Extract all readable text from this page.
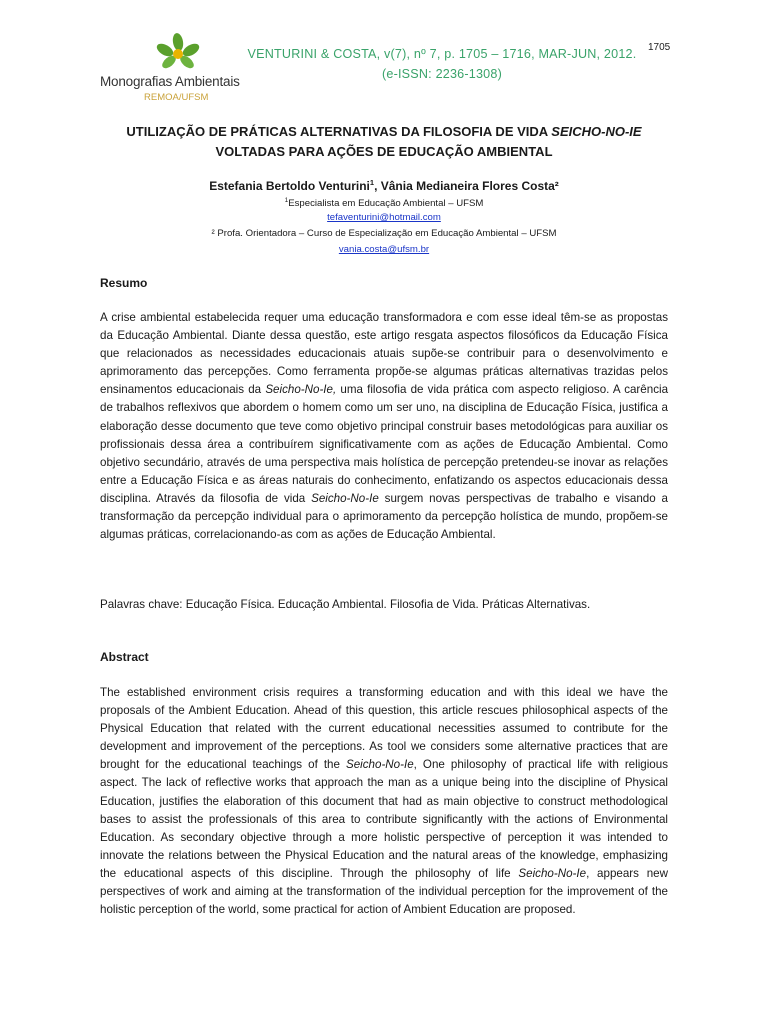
Monografias Ambientais
REMOA/UFSM
VENTURINI & COSTA, v(7), nº 7, p. 1705 – 1716, MAR-JUN, 2012.
(e-ISSN: 2236-1308)
1705
UTILIZAÇÃO DE PRÁTICAS ALTERNATIVAS DA FILOSOFIA DE VIDA SEICHO-NO-IE
VOLTADAS PARA AÇÕES DE EDUCAÇÃO AMBIENTAL
Estefania Bertoldo Venturini$^1$, Vânia Medianeira Flores Costa²
$^1$Especialista em Educação Ambiental – UFSM
tefaventurini@hotmail.com
² Profa. Orientadora – Curso de Especialização em Educação Ambiental – UFSM
vania.costa@ufsm.br
Resumo
A crise ambiental estabelecida requer uma educação transformadora e com esse ideal têm-se as propostas da Educação Ambiental. Diante dessa questão, este artigo resgata aspectos filosóficos da Educação Física que relacionados as necessidades educacionais atuais supõe-se contribuir para o desenvolvimento e aprimoramento das percepções. Como ferramenta propõe-se algumas práticas alternativas trazidas pelos ensinamentos educacionais da Seicho-No-Ie, uma filosofia de vida prática com aspecto religioso. A carência de trabalhos reflexivos que abordem o homem como um ser uno, na disciplina de Educação Física, justifica a elaboração desse documento que teve como objetivo principal construir bases metodológicas para auxiliar os profissionais dessa área a contribuírem significativamente com as ações de Educação Ambiental. Como objetivo secundário, através de uma perspectiva mais holística de percepção pretendeu-se inovar as relações entre a Educação Física e as áreas naturais do conhecimento, enfatizando os aspectos educacionais dessa disciplina. Através da filosofia de vida Seicho-No-Ie surgem novas perspectivas de trabalho e visando a transformação da percepção individual para o aprimoramento da percepção holística de mundo, propõem-se algumas práticas, correlacionando-as com as ações de Educação Ambiental.
Palavras chave: Educação Física. Educação Ambiental. Filosofia de Vida. Práticas Alternativas.
Abstract
The established environment crisis requires a transforming education and with this ideal we have the proposals of the Ambient Education. Ahead of this question, this article rescues philosophical aspects of the Physical Education that related with the current educational necessities assumed to contribute for the development and improvement of the perceptions. As tool we considers some alternative practices that are brought for the educational teachings of the Seicho-No-Ie, One philosophy of practical life with religious aspect. The lack of reflective works that approach the man as a unique being into the discipline of Physical Education, justifies the elaboration of this document that had as main objective to construct methodological bases to assist the professionals of this area to contribute significantly with the actions of Environmental Education. As secondary objective through a more holistic perspective of perception it was intended to innovate the relations between the Physical Education and the natural areas of the knowledge, emphasizing the educational aspects of this discipline. Through the philosophy of life Seicho-No-Ie, appears new perspectives of work and aiming at the transformation of the individual perception for the improvement of the holistic perception of the world, some practical for action of Ambient Education are proposed.
